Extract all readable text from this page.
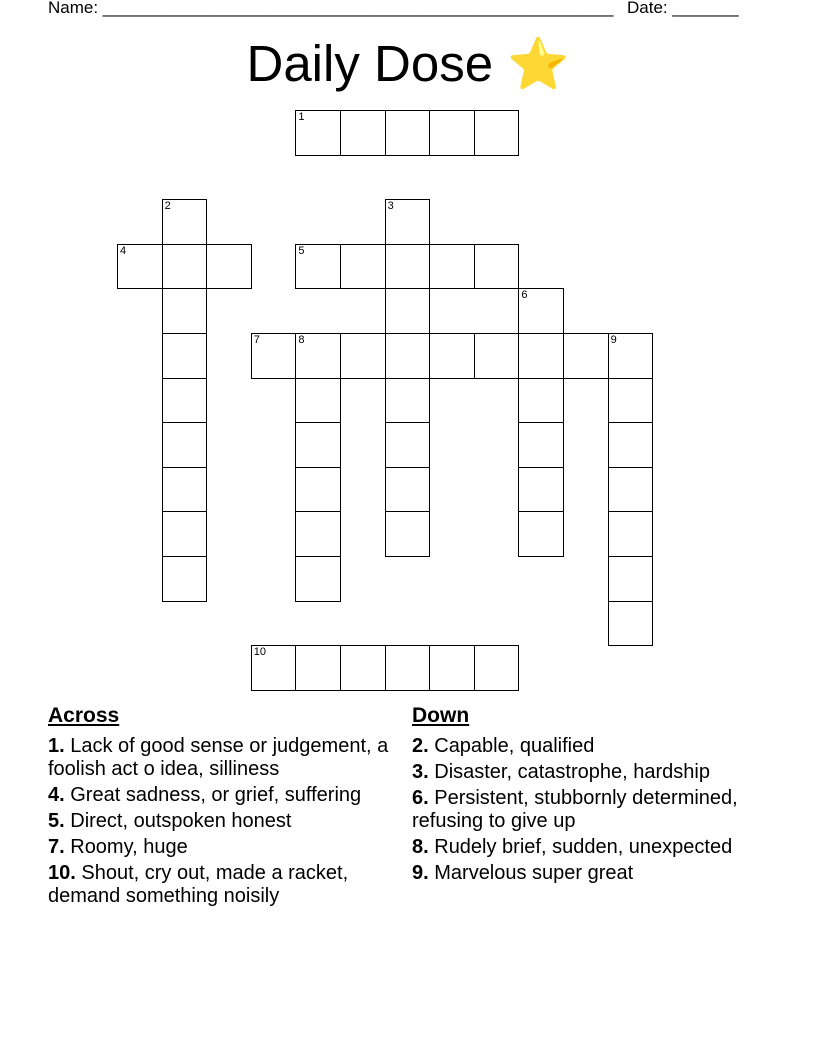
Name: ______________________________________________________ Date: _______
Daily Dose ⭐
1
2	3
4	5
6
7	8	9
10
Across
1. Lack of good sense or judgement, a foolish act o idea, silliness
4. Great sadness, or grief, suffering
5. Direct, outspoken honest
7. Roomy, huge
10. Shout, cry out, made a racket, demand something noisily
Down
2. Capable, qualified
3. Disaster, catastrophe, hardship
6. Persistent, stubbornly determined, refusing to give up
8. Rudely brief, sudden, unexpected
9. Marvelous super great
